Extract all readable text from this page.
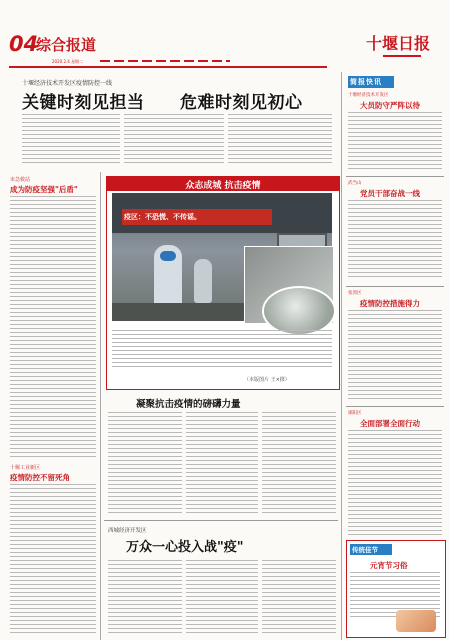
04
综合报道
2020.2.4 星期二
十堰日报
十堰经济技术开发区疫情防控一线
关键时刻见担当 危难时刻见初心
市急救站
成为防疫坚强"后盾"
十堰工业新区
疫情防控不留死角
众志成城 抗击疫情
疫区：不恐慌、不传谣。
（本版图片 王×摄）
凝聚抗击疫情的磅礴力量
西城经济开发区
万众一心投入战"疫"
简报快讯
十堰经济技术开发区
大员防守严阵以待
武当山
党员干部奋战一线
张湾区
疫情防控措施得力
郧阳区
全面部署全面行动
传统佳节
元宵节习俗
